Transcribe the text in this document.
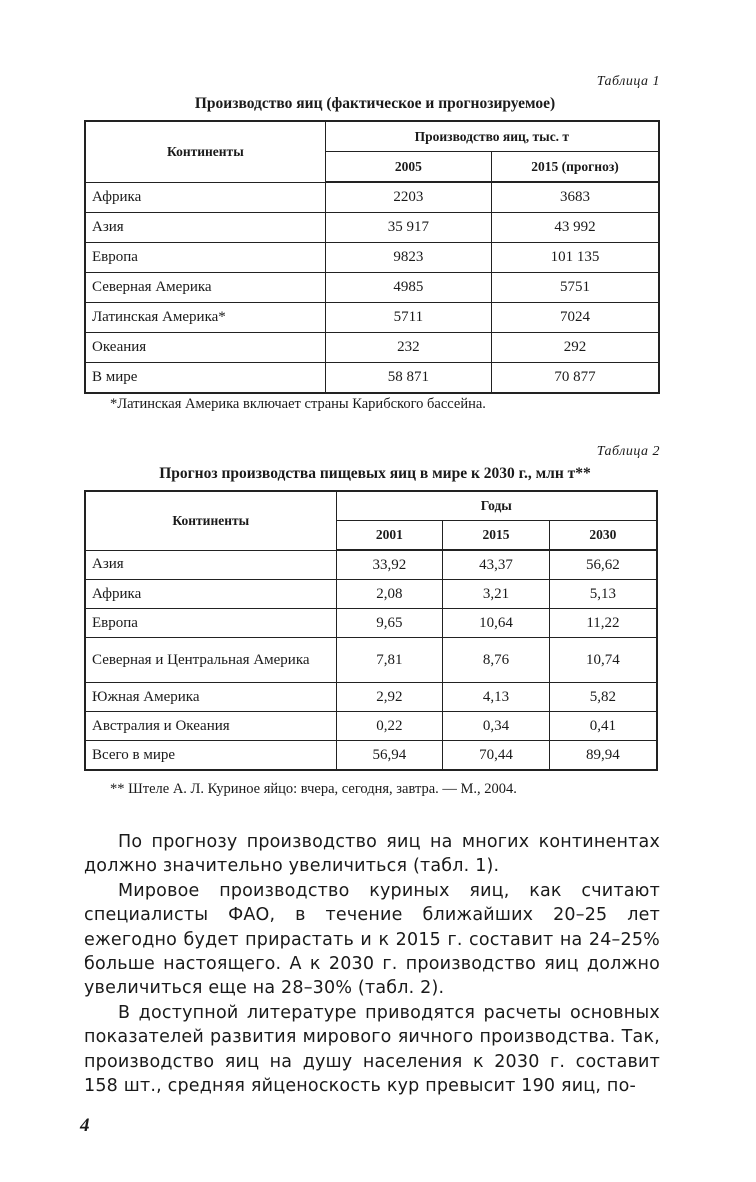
Таблица 1
Производство яиц (фактическое и прогнозируемое)
Континенты	Производство яиц, тыс. т	
	2005	2015 (прогноз)
Африка	2203	3683
Азия	35 917	43 992
Европа	9823	101 135
Северная Америка	4985	5751
Латинская Америка*	5711	7024
Океания	232	292
В мире	58 871	70 877
*Латинская Америка включает страны Карибского бассейна.
Таблица 2
Прогноз производства пищевых яиц в мире к 2030 г., млн т**
Континенты	Годы		
	2001	2015	2030
Азия	33,92	43,37	56,62
Африка	2,08	3,21	5,13
Европа	9,65	10,64	11,22
Северная и Центральная Америка	7,81	8,76	10,74
Южная Америка	2,92	4,13	5,82
Австралия и Океания	0,22	0,34	0,41
Всего в мире	56,94	70,44	89,94
** Штеле А. Л. Куриное яйцо: вчера, сегодня, завтра. — М., 2004.

По прогнозу производство яиц на многих континентах должно значительно увеличиться (табл. 1).

Мировое производство куриных яиц, как считают специалисты ФАО, в течение ближайших 20–25 лет ежегодно будет прирастать и к 2015 г. составит на 24–25% больше настоящего. А к 2030 г. производство яиц должно увеличиться еще на 28–30% (табл. 2).

В доступной литературе приводятся расчеты основных показателей развития мирового яичного производства. Так, производство яиц на душу населения к 2030 г. составит 158 шт., средняя яйценоскость кур превысит 190 яиц, по-

4
